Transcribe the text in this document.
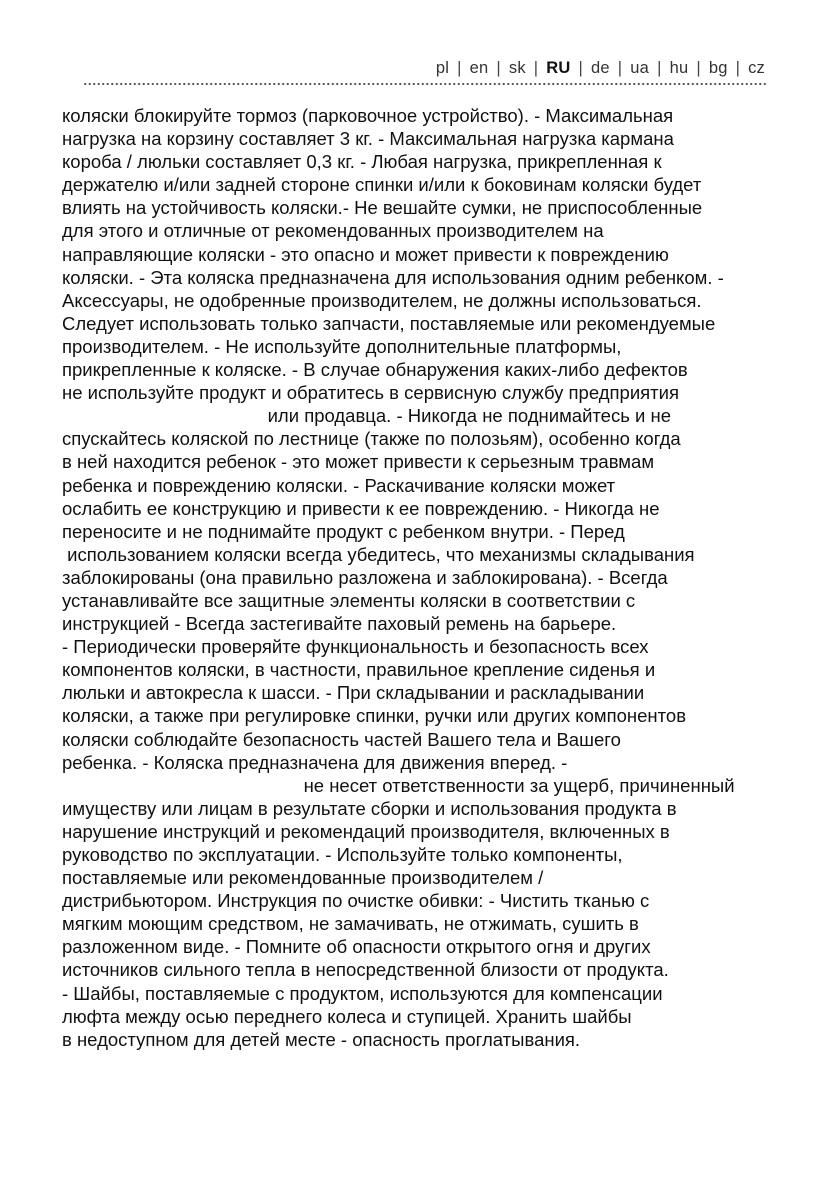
pl | en | sk | RU | de | ua | hu | bg | cz
коляски блокируйте тормоз (парковочное устройство). - Максимальная
нагрузка на корзину составляет 3 кг. - Максимальная нагрузка кармана
короба / люльки составляет 0,3 кг. - Любая нагрузка, прикрепленная к
держателю и/или задней стороне спинки и/или к боковинам коляски будет
влиять на устойчивость коляски.- Не вешайте сумки, не приспособленные
для этого и отличные от рекомендованных производителем на
направляющие коляски - это опасно и может привести к повреждению
коляски. - Эта коляска предназначена для использования одним ребенком. -
Аксессуары, не одобренные производителем, не должны использоваться.
Следует использовать только запчасти, поставляемые или рекомендуемые
производителем. - Не используйте дополнительные платформы,
прикрепленные к коляске. - В случае обнаружения каких-либо дефектов
не используйте продукт и обратитесь в сервисную службу предприятия
или продавца. - Никогда не поднимайтесь и не
спускайтесь коляской по лестнице (также по полозьям), особенно когда
в ней находится ребенок - это может привести к серьезным травмам
ребенка и повреждению коляски. - Раскачивание коляски может
ослабить ее конструкцию и привести к ее повреждению. - Никогда не
переносите и не поднимайте продукт с ребенком внутри. - Перед
использованием коляски всегда убедитесь, что механизмы складывания
заблокированы (она правильно разложена и заблокирована). - Всегда
устанавливайте все защитные элементы коляски в соответствии с
инструкцией - Всегда застегивайте паховый ремень на барьере.
- Периодически проверяйте функциональность и безопасность всех
компонентов коляски, в частности, правильное крепление сиденья и
люльки и автокресла к шасси. - При складывании и раскладывании
коляски, а также при регулировке спинки, ручки или других компонентов
коляски соблюдайте безопасность частей Вашего тела и Вашего
ребенка. - Коляска предназначена для движения вперед. -
не несет ответственности за ущерб, причиненный
имуществу или лицам в результате сборки и использования продукта в
нарушение инструкций и рекомендаций производителя, включенных в
руководство по эксплуатации. - Используйте только компоненты,
поставляемые или рекомендованные производителем /
дистрибьютором. Инструкция по очистке обивки: - Чистить тканью с
мягким моющим средством, не замачивать, не отжимать, сушить в
разложенном виде. - Помните об опасности открытого огня и других
источников сильного тепла в непосредственной близости от продукта.
- Шайбы, поставляемые с продуктом, используются для компенсации
люфта между осью переднего колеса и ступицей. Хранить шайбы
в недоступном для детей месте - опасность проглатывания.
